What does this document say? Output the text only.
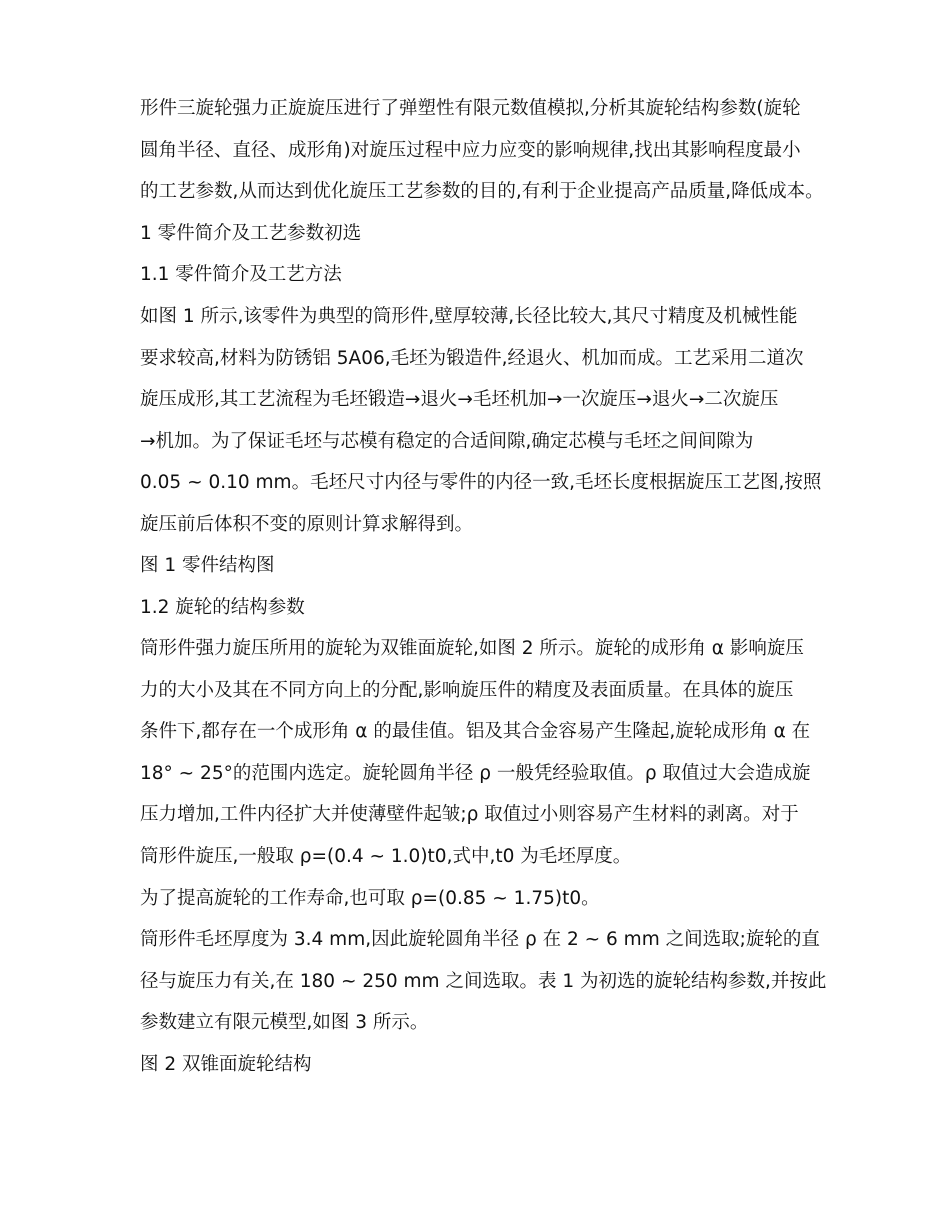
形件三旋轮强力正旋旋压进行了弹塑性有限元数值模拟,分析其旋轮结构参数(旋轮
圆角半径、直径、成形角)对旋压过程中应力应变的影响规律,找出其影响程度最小
的工艺参数,从而达到优化旋压工艺参数的目的,有利于企业提高产品质量,降低成本。
1 零件简介及工艺参数初选
1.1 零件简介及工艺方法
如图 1 所示,该零件为典型的筒形件,壁厚较薄,长径比较大,其尺寸精度及机械性能
要求较高,材料为防锈铝 5A06,毛坯为锻造件,经退火、机加而成。工艺采用二道次
旋压成形,其工艺流程为毛坯锻造→退火→毛坯机加→一次旋压→退火→二次旋压
→机加。为了保证毛坯与芯模有稳定的合适间隙,确定芯模与毛坯之间间隙为
0.05 ~ 0.10 mm。毛坯尺寸内径与零件的内径一致,毛坯长度根据旋压工艺图,按照
旋压前后体积不变的原则计算求解得到。
图 1 零件结构图
1.2 旋轮的结构参数
筒形件强力旋压所用的旋轮为双锥面旋轮,如图 2 所示。旋轮的成形角 α 影响旋压
力的大小及其在不同方向上的分配,影响旋压件的精度及表面质量。在具体的旋压
条件下,都存在一个成形角 α 的最佳值。铝及其合金容易产生隆起,旋轮成形角 α 在
18° ~ 25°的范围内选定。旋轮圆角半径 ρ 一般凭经验取值。ρ 取值过大会造成旋
压力增加,工件内径扩大并使薄壁件起皱;ρ 取值过小则容易产生材料的剥离。对于
筒形件旋压,一般取 ρ=(0.4 ~ 1.0)t0,式中,t0 为毛坯厚度。
为了提高旋轮的工作寿命,也可取 ρ=(0.85 ~ 1.75)t0。
筒形件毛坯厚度为 3.4 mm,因此旋轮圆角半径 ρ 在 2 ~ 6 mm 之间选取;旋轮的直
径与旋压力有关,在 180 ~ 250 mm 之间选取。表 1 为初选的旋轮结构参数,并按此
参数建立有限元模型,如图 3 所示。
图 2 双锥面旋轮结构
